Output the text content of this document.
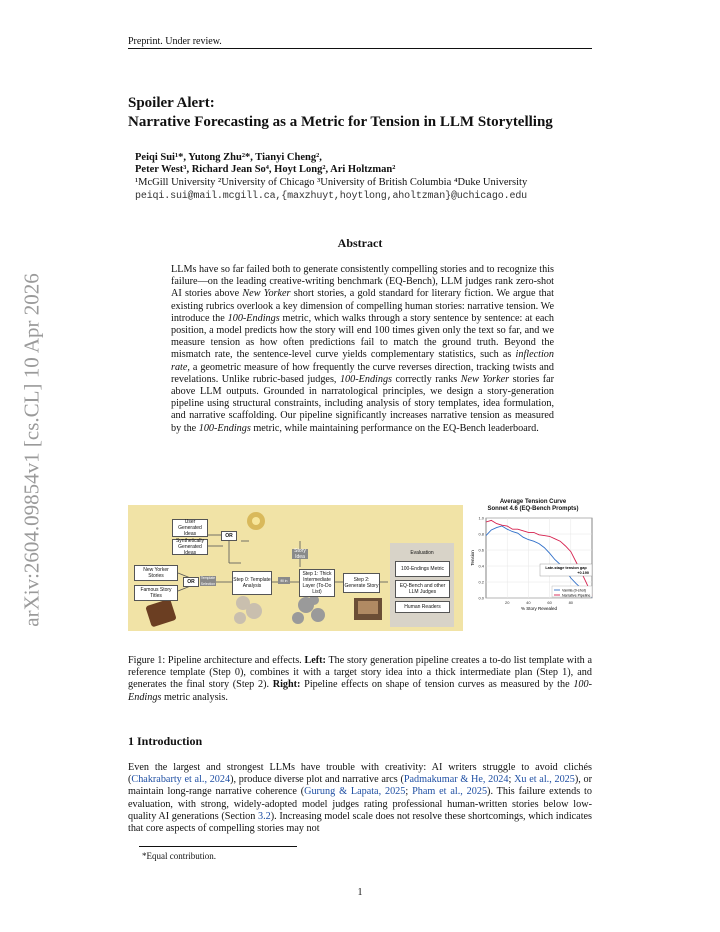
Preprint. Under review.
arXiv:2604.09854v1 [cs.CL] 10 Apr 2026
Spoiler Alert:
Narrative Forecasting as a Metric for Tension in LLM Storytelling
Peiqi Sui¹*, Yutong Zhu²*, Tianyi Cheng²,
Peter West³, Richard Jean So⁴, Hoyt Long², Ari Holtzman²
¹McGill University ²University of Chicago ³University of British Columbia ⁴Duke University
peiqi.sui@mail.mcgill.ca,{maxzhuyt,hoytlong,aholtzman}@uchicago.edu
Abstract
LLMs have so far failed both to generate consistently compelling stories and to recognize this failure—on the leading creative-writing benchmark (EQ-Bench), LLM judges rank zero-shot AI stories above New Yorker short stories, a gold standard for literary fiction. We argue that existing rubrics overlook a key dimension of compelling human stories: narrative tension. We introduce the 100-Endings metric, which walks through a story sentence by sentence: at each position, a model predicts how the story will end 100 times given only the text so far, and we measure tension as how often predictions fail to match the ground truth. Beyond the mismatch rate, the sentence-level curve yields complementary statistics, such as inflection rate, a geometric measure of how frequently the curve reverses direction, tracking twists and revelations. Unlike rubric-based judges, 100-Endings correctly ranks New Yorker stories far above LLM outputs. Grounded in narratological principles, we design a story-generation pipeline using structural constraints, including analysis of story templates, idea formulation, and narrative scaffolding. Our pipeline significantly increases narrative tension as measured by the 100-Endings metric, while maintaining performance on the EQ-Bench leaderboard.
User Generated Ideas
Synthetically Generated Ideas
OR
Story Idea
New Yorker Stories
Famous Story Titles
OR
Template Selection
Step 0: Template Analysis
fill in
Step 1: Thick Intermediate Layer (To-Do List)
Step 2: Generate Story
Evaluation
100-Endings Metric
EQ-Bench and other LLM Judges
Human Readers
Average Tension Curve
Sonnet 4.6 (EQ-Bench Prompts)
0.0
0.2
0.4
0.6
0.8
1.0
20	40	60	80
% Story Revealed
Tension
Late-stage tension gap
+0.190
Vanilla (0-shot)
Narrative Pipeline
Figure 1: Pipeline architecture and effects. Left: The story generation pipeline creates a to-do list template with a reference template (Step 0), combines it with a target story idea into a thick intermediate plan (Step 1), and generates the final story (Step 2). Right: Pipeline effects on shape of tension curves as measured by the 100-Endings metric analysis.
1 Introduction
Even the largest and strongest LLMs have trouble with creativity: AI writers struggle to avoid clichés (Chakrabarty et al., 2024), produce diverse plot and narrative arcs (Padmakumar & He, 2024; Xu et al., 2025), or maintain long-range narrative coherence (Gurung & Lapata, 2025; Pham et al., 2025). This failure extends to evaluation, with strong, widely-adopted model judges rating professional human-written stories below low-quality AI generations (Section 3.2). Increasing model scale does not resolve these shortcomings, which indicates that core aspects of compelling stories may not
*Equal contribution.
1
